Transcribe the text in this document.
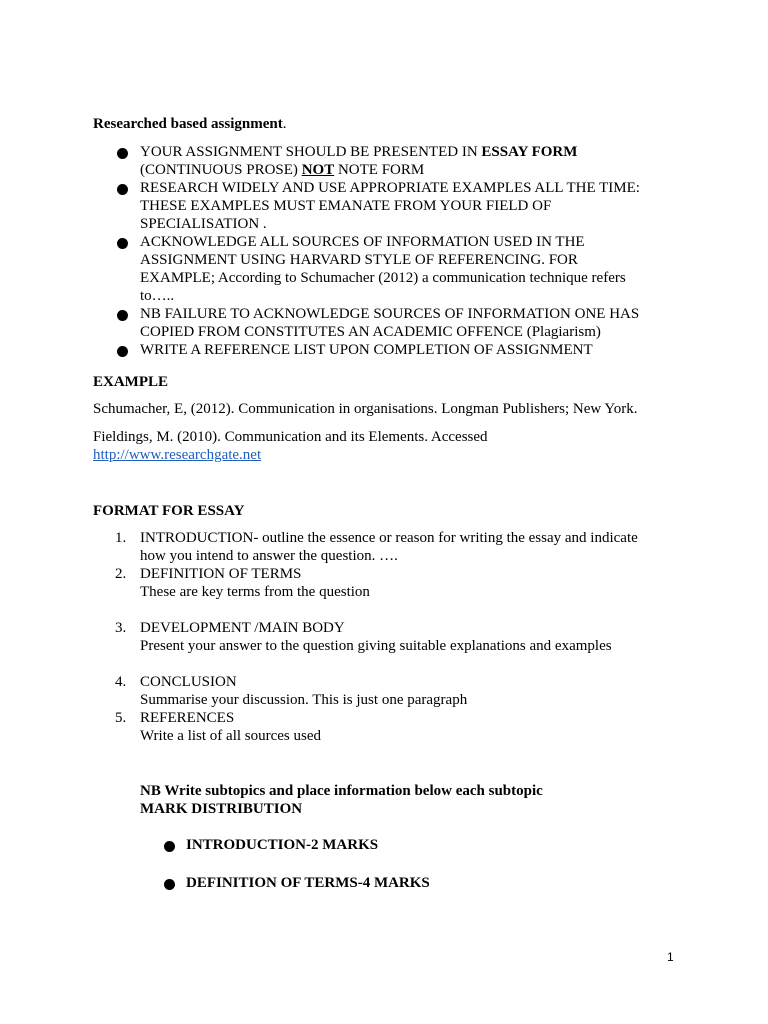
Researched based assignment.
YOUR ASSIGNMENT SHOULD BE PRESENTED IN ESSAY FORM
(CONTINUOUS PROSE) NOT NOTE FORM
RESEARCH WIDELY AND USE APPROPRIATE EXAMPLES ALL THE TIME: THESE EXAMPLES MUST EMANATE FROM YOUR FIELD OF SPECIALISATION .
ACKNOWLEDGE ALL SOURCES OF INFORMATION USED IN THE
ASSIGNMENT USING HARVARD STYLE OF REFERENCING. FOR
EXAMPLE; According to Schumacher (2012) a communication technique refers
to…..
NB FAILURE TO ACKNOWLEDGE SOURCES OF INFORMATION ONE HAS
COPIED FROM CONSTITUTES AN ACADEMIC OFFENCE (Plagiarism)
WRITE A REFERENCE LIST UPON COMPLETION OF ASSIGNMENT
EXAMPLE
Schumacher, E, (2012). Communication in organisations. Longman Publishers; New York.
Fieldings, M. (2010). Communication and its Elements. Accessed
http://www.researchgate.net
FORMAT FOR ESSAY
1. INTRODUCTION- outline the essence or reason for writing the essay and indicate
how you intend to answer the question. ….
2. DEFINITION OF TERMS
These are key terms from the question
3. DEVELOPMENT /MAIN BODY
Present your answer to the question giving suitable explanations and examples
4. CONCLUSION
Summarise your discussion. This is just one paragraph
5. REFERENCES
Write a list of all sources used
NB Write subtopics and place information below each subtopic
MARK DISTRIBUTION
INTRODUCTION-2 MARKS
DEFINITION OF TERMS-4 MARKS
1
